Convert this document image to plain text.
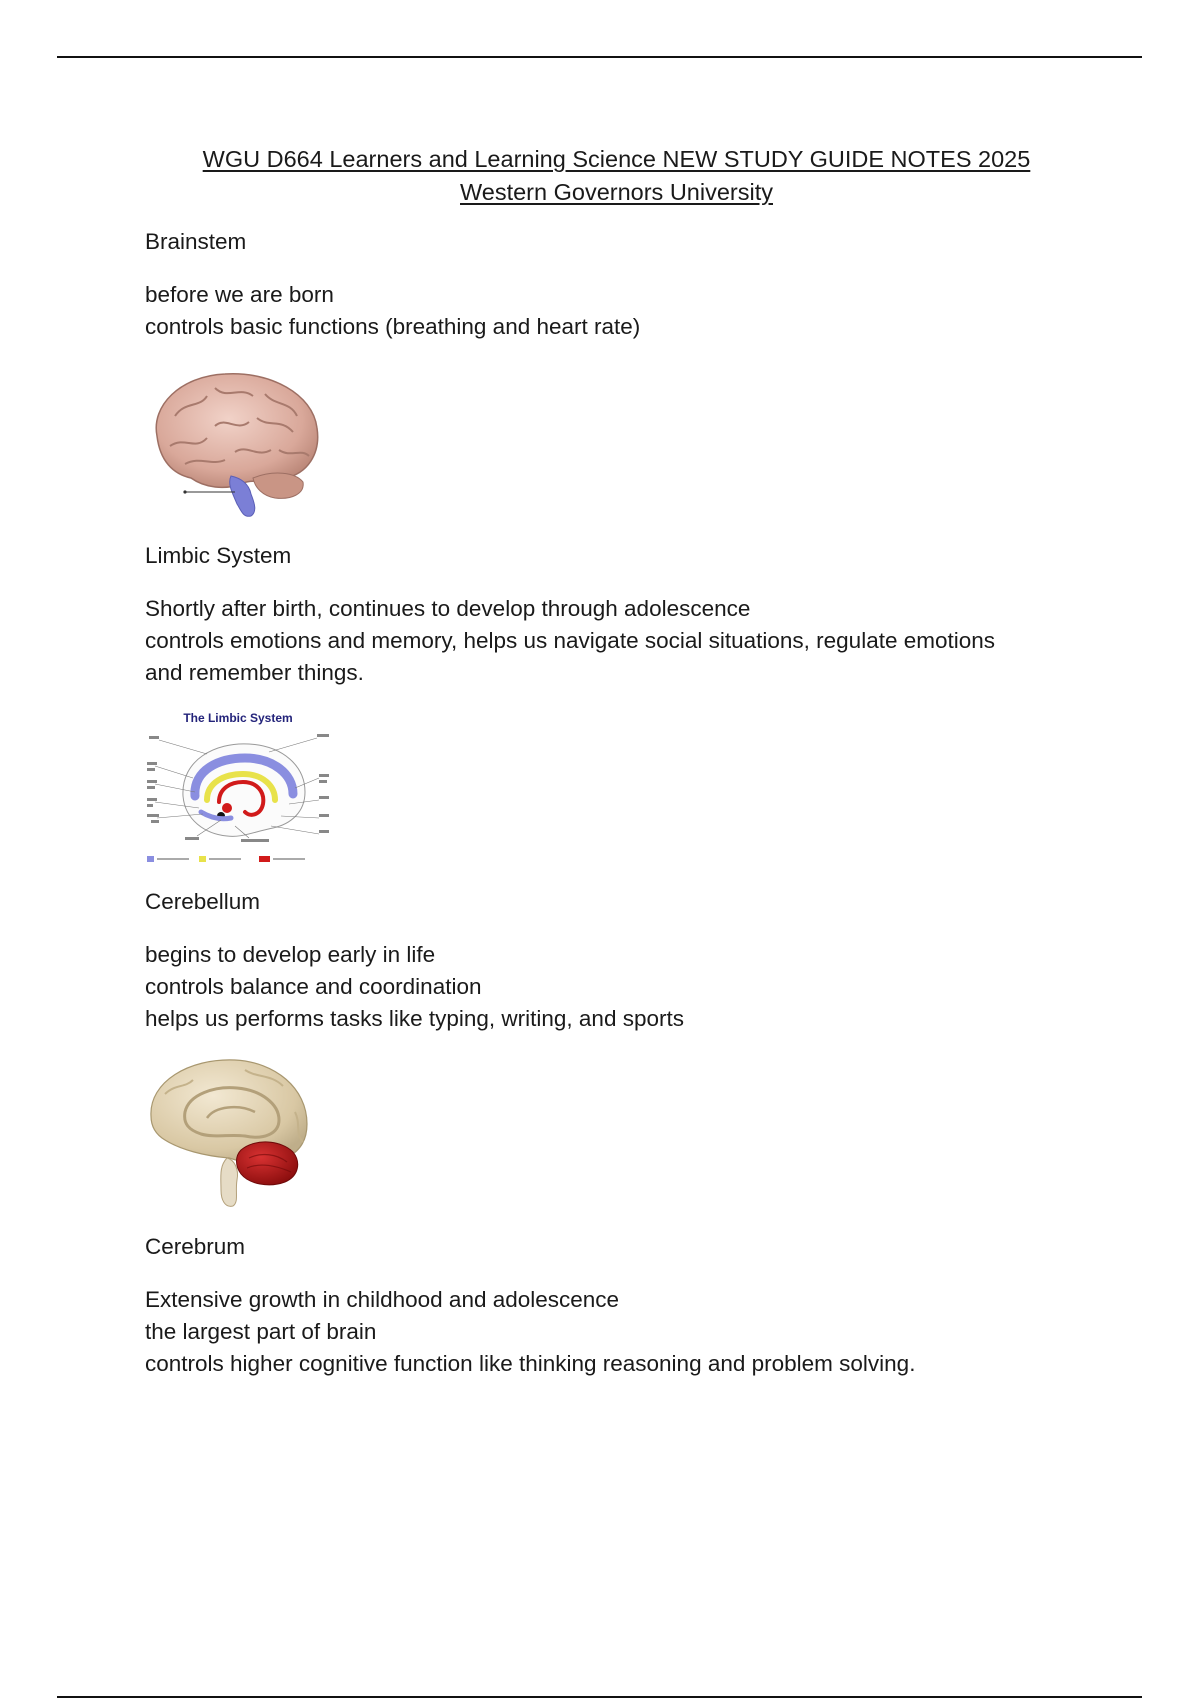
WGU D664 Learners and Learning Science NEW STUDY GUIDE NOTES 2025
Western Governors University
Brainstem
before we are born
controls basic functions (breathing and heart rate)
Limbic System
Shortly after birth, continues to develop through adolescence
controls emotions and memory, helps us navigate social situations, regulate emotions
and remember things.
The Limbic System
Cerebellum
begins to develop early in life
controls balance and coordination
helps us performs tasks like typing, writing, and sports
Cerebrum
Extensive growth in childhood and adolescence
the largest part of brain
controls higher cognitive function like thinking reasoning and problem solving.
